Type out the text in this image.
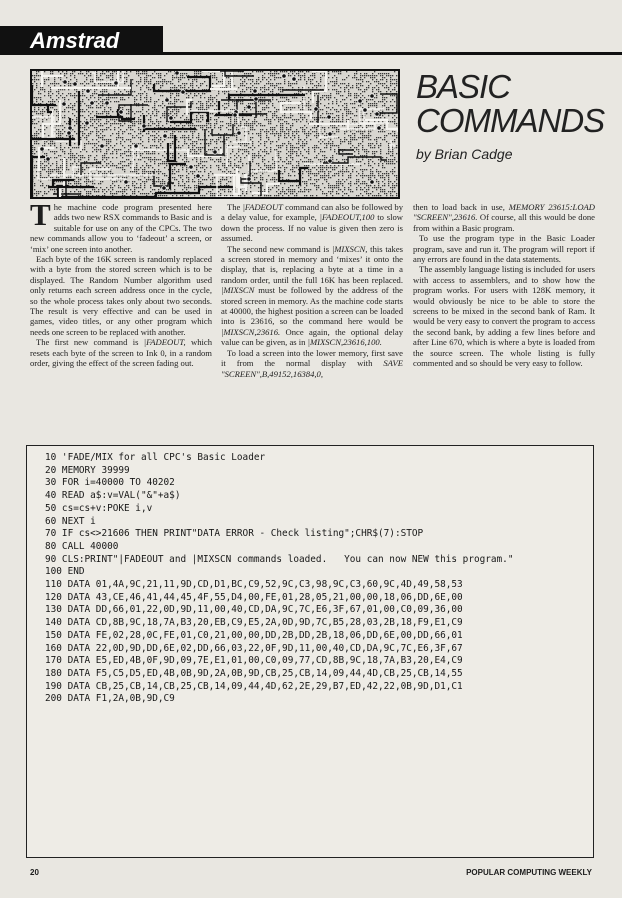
Amstrad
BASIC
COMMANDS
by Brian Cadge

The machine code program presented here adds two new RSX commands to Basic and is suitable for use on any of the CPCs. The two new commands allow you to ‘fadeout’ a screen, or ‘mix’ one screen into another.

Each byte of the 16K screen is randomly replaced with a byte from the stored screen which is to be displayed. The Random Number algorithm used only returns each screen address once in the cycle, so the whole process takes only about two seconds. The result is very effective and can be used in games, video titles, or any other program which needs one screen to be replaced with another.

The first new command is |FADEOUT, which resets each byte of the screen to Ink 0, in a random order, giving the effect of the screen fading out.

The |FADEOUT command can also be followed by a delay value, for example, |FADEOUT,100 to slow down the process. If no value is given then zero is assumed.

The second new command is |MIXSCN, this takes a screen stored in memory and ‘mixes’ it onto the display, that is, replacing a byte at a time in a random order, until the full 16K has been replaced. |MIXSCN must be followed by the address of the stored screen in memory. As the machine code starts at 40000, the highest position a screen can be loaded into is 23616, so the command here would be |MIXSCN,23616. Once again, the optional delay value can be given, as in |MIXSCN,23616,100.

To load a screen into the lower memory, first save it from the normal display with SAVE "SCREEN",B,49152,16384,0,

then to load back in use, MEMORY 23615:LOAD "SCREEN",23616. Of course, all this would be done from within a Basic program.

To use the program type in the Basic Loader program, save and run it. The program will report if any errors are found in the data statements.

The assembly language listing is included for users with access to assemblers, and to show how the program works. For users with 128K memory, it would obviously be nice to be able to store the screens to be mixed in the second bank of Ram. It would be very easy to convert the program to access the second bank, by adding a few lines before and after Line 670, which is where a byte is loaded from the source screen. The whole listing is fully commented and so should be very easy to follow.

10 'FADE/MIX for all CPC's Basic Loader
20 MEMORY 39999
30 FOR i=40000 TO 40202
40 READ a$:v=VAL("&"+a$)
50 cs=cs+v:POKE i,v
60 NEXT i
70 IF cs<>21606 THEN PRINT"DATA ERROR - Check listing";CHR$(7):STOP
80 CALL 40000
90 CLS:PRINT"|FADEOUT and |MIXSCN commands loaded.   You can now NEW this program."
100 END
110 DATA 01,4A,9C,21,11,9D,CD,D1,BC,C9,52,9C,C3,98,9C,C3,60,9C,4D,49,58,53
120 DATA 43,CE,46,41,44,45,4F,55,D4,00,FE,01,28,05,21,00,00,18,06,DD,6E,00
130 DATA DD,66,01,22,0D,9D,11,00,40,CD,DA,9C,7C,E6,3F,67,01,00,C0,09,36,00
140 DATA CD,8B,9C,18,7A,B3,20,EB,C9,E5,2A,0D,9D,7C,B5,28,03,2B,18,F9,E1,C9
150 DATA FE,02,28,0C,FE,01,C0,21,00,00,DD,2B,DD,2B,18,06,DD,6E,00,DD,66,01
160 DATA 22,0D,9D,DD,6E,02,DD,66,03,22,0F,9D,11,00,40,CD,DA,9C,7C,E6,3F,67
170 DATA E5,ED,4B,0F,9D,09,7E,E1,01,00,C0,09,77,CD,8B,9C,18,7A,B3,20,E4,C9
180 DATA F5,C5,D5,ED,4B,0B,9D,2A,0B,9D,CB,25,CB,14,09,44,4D,CB,25,CB,14,55
190 DATA CB,25,CB,14,CB,25,CB,14,09,44,4D,62,2E,29,B7,ED,42,22,0B,9D,D1,C1
200 DATA F1,2A,0B,9D,C9
20	POPULAR COMPUTING WEEKLY
